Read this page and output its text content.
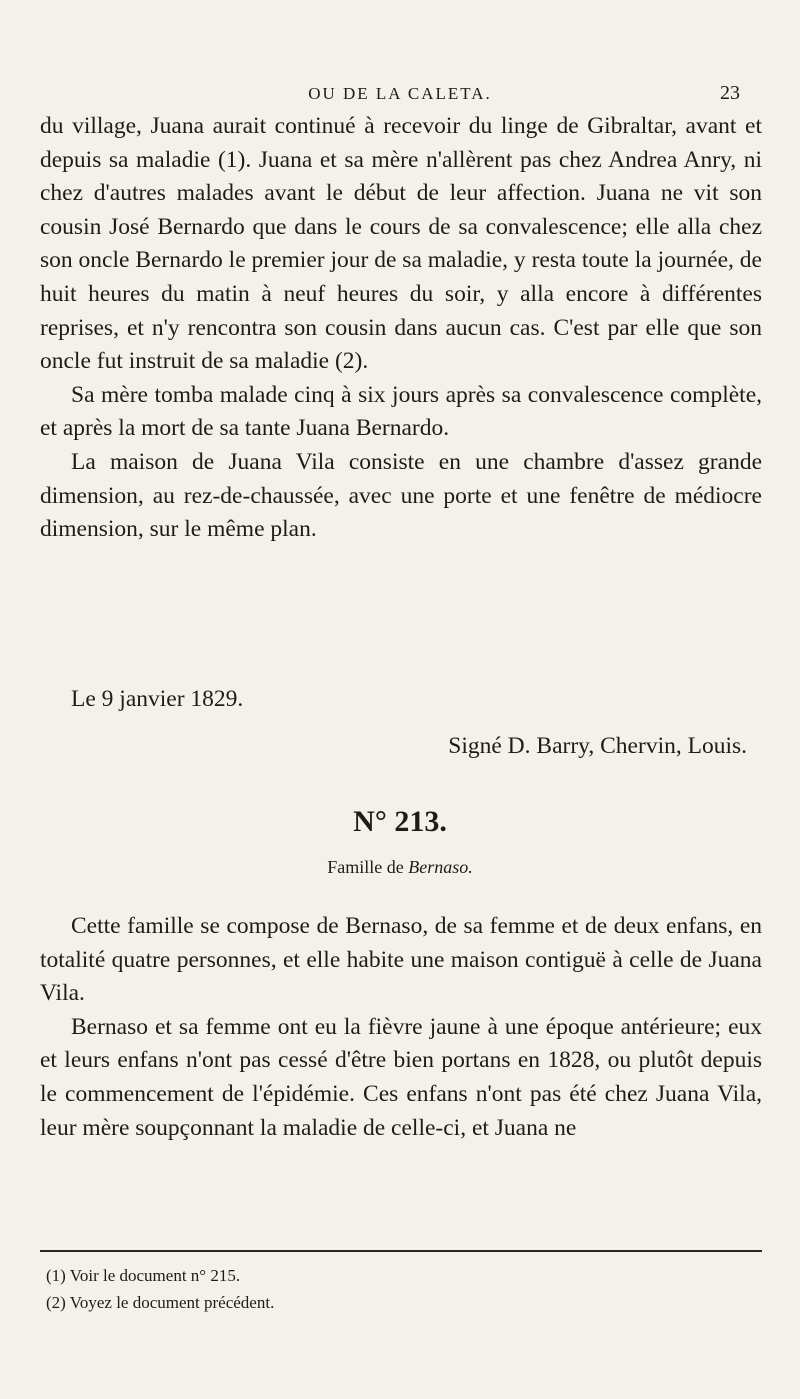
OU DE LA CALETA.	23

du village, Juana aurait continué à recevoir du linge de Gibraltar, avant et depuis sa maladie (1). Juana et sa mère n'allèrent pas chez Andrea Anry, ni chez d'autres malades avant le début de leur affection. Juana ne vit son cousin José Bernardo que dans le cours de sa convalescence; elle alla chez son oncle Bernardo le premier jour de sa maladie, y resta toute la journée, de huit heures du matin à neuf heures du soir, y alla encore à différentes reprises, et n'y rencontra son cousin dans aucun cas. C'est par elle que son oncle fut instruit de sa maladie (2).

Sa mère tomba malade cinq à six jours après sa convalescence complète, et après la mort de sa tante Juana Bernardo.

La maison de Juana Vila consiste en une chambre d'assez grande dimension, au rez-de-chaussée, avec une porte et une fenêtre de médiocre dimension, sur le même plan.

Le 9 janvier 1829.
Signé D. Barry, Chervin, Louis.
N° 213.
Famille de Bernaso.

Cette famille se compose de Bernaso, de sa femme et de deux enfans, en totalité quatre personnes, et elle habite une maison contiguë à celle de Juana Vila.

Bernaso et sa femme ont eu la fièvre jaune à une époque antérieure; eux et leurs enfans n'ont pas cessé d'être bien portans en 1828, ou plutôt depuis le commencement de l'épidémie. Ces enfans n'ont pas été chez Juana Vila, leur mère soupçonnant la maladie de celle-ci, et Juana ne

(1) Voir le document n° 215.
(2) Voyez le document précédent.
